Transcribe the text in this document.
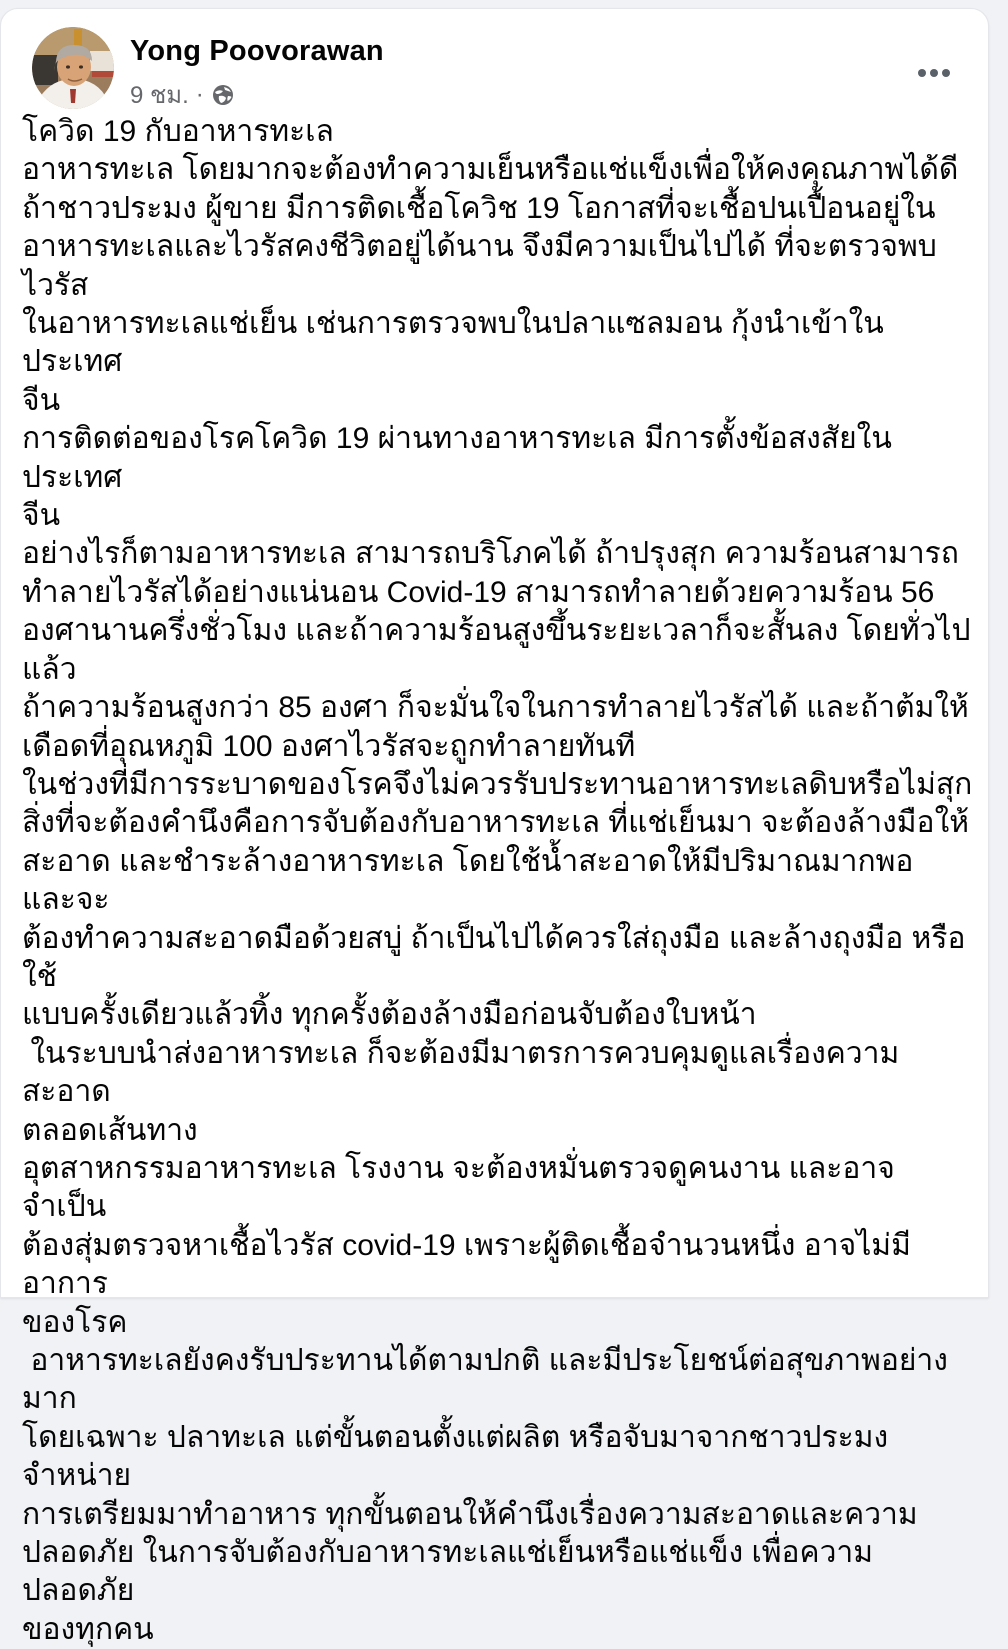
Yong Poovorawan
9 ชม. ·
โควิด 19 กับอาหารทะเล
อาหารทะเล โดยมากจะต้องทำความเย็นหรือแช่แข็งเพื่อให้คงคุณภาพได้ดี
ถ้าชาวประมง ผู้ขาย มีการติดเชื้อโควิช 19 โอกาสที่จะเชื้อปนเปื้อนอยู่ใน
อาหารทะเลและไวรัสคงชีวิตอยู่ได้นาน จึงมีความเป็นไปได้ ที่จะตรวจพบไวรัส
ในอาหารทะเลแช่เย็น เช่นการตรวจพบในปลาแซลมอน กุ้งนำเข้าในประเทศ
จีน
การติดต่อของโรคโควิด 19 ผ่านทางอาหารทะเล มีการตั้งข้อสงสัยในประเทศ
จีน
อย่างไรก็ตามอาหารทะเล สามารถบริโภคได้ ถ้าปรุงสุก ความร้อนสามารถ
ทำลายไวรัสได้อย่างแน่นอน Covid-19 สามารถทำลายด้วยความร้อน 56
องศานานครึ่งชั่วโมง และถ้าความร้อนสูงขึ้นระยะเวลาก็จะสั้นลง โดยทั่วไปแล้ว
ถ้าความร้อนสูงกว่า 85 องศา ก็จะมั่นใจในการทำลายไวรัสได้ และถ้าต้มให้
เดือดที่อุณหภูมิ 100 องศาไวรัสจะถูกทำลายทันที
ในช่วงที่มีการระบาดของโรคจึงไม่ควรรับประทานอาหารทะเลดิบหรือไม่สุก
สิ่งที่จะต้องคำนึงคือการจับต้องกับอาหารทะเล ที่แช่เย็นมา จะต้องล้างมือให้
สะอาด และชำระล้างอาหารทะเล โดยใช้น้ำสะอาดให้มีปริมาณมากพอ และจะ
ต้องทำความสะอาดมือด้วยสบู่ ถ้าเป็นไปได้ควรใส่ถุงมือ และล้างถุงมือ หรือใช้
แบบครั้งเดียวแล้วทิ้ง ทุกครั้งต้องล้างมือก่อนจับต้องใบหน้า
ในระบบนำส่งอาหารทะเล ก็จะต้องมีมาตรการควบคุมดูแลเรื่องความสะอาด
ตลอดเส้นทาง
อุตสาหกรรมอาหารทะเล โรงงาน จะต้องหมั่นตรวจดูคนงาน และอาจจำเป็น
ต้องสุ่มตรวจหาเชื้อไวรัส covid-19 เพราะผู้ติดเชื้อจำนวนหนึ่ง อาจไม่มีอาการ
ของโรค
อาหารทะเลยังคงรับประทานได้ตามปกติ และมีประโยชน์ต่อสุขภาพอย่างมาก
โดยเฉพาะ ปลาทะเล แต่ขั้นตอนตั้งแต่ผลิต หรือจับมาจากชาวประมง จำหน่าย
การเตรียมมาทำอาหาร ทุกขั้นตอนให้คำนึงเรื่องความสะอาดและความ
ปลอดภัย ในการจับต้องกับอาหารทะเลแช่เย็นหรือแช่แข็ง เพื่อความปลอดภัย
ของทุกคน
